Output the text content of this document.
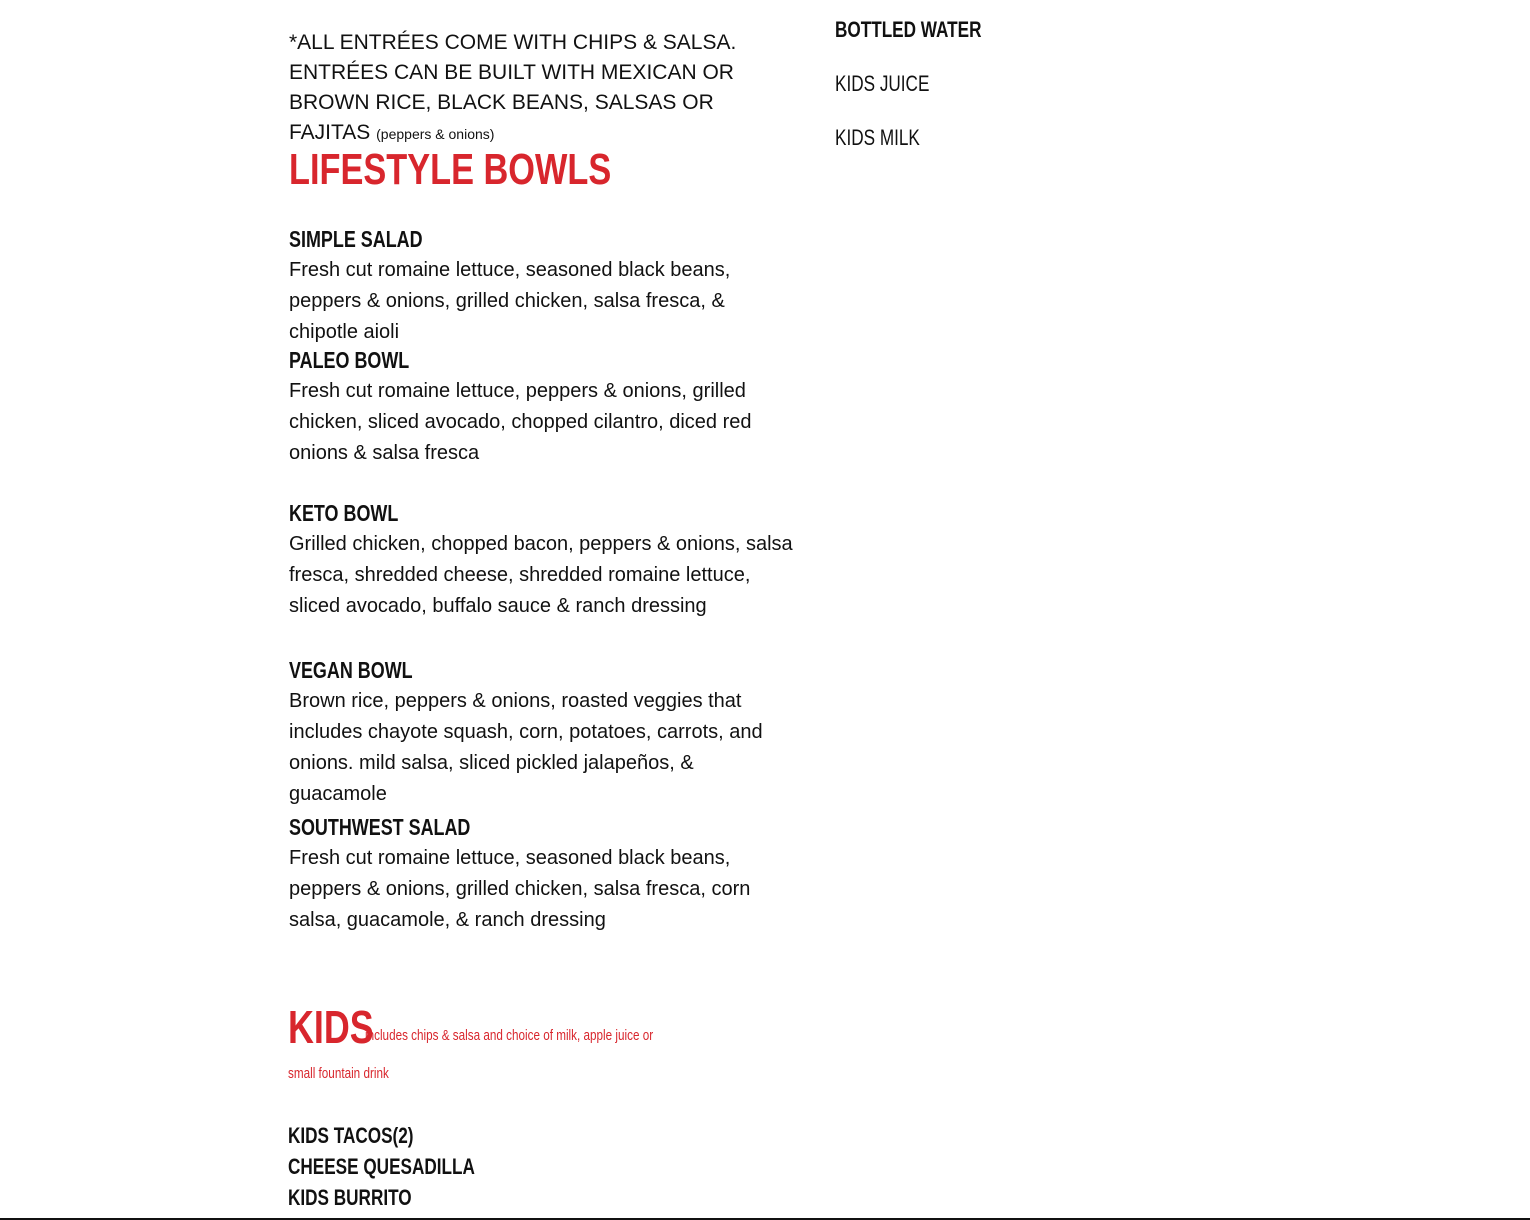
*ALL ENTRÉES COME WITH CHIPS & SALSA. ENTRÉES CAN BE BUILT WITH MEXICAN OR BROWN RICE, BLACK BEANS, SALSAS OR FAJITAS (peppers & onions)
LIFESTYLE BOWLS
SIMPLE SALAD
Fresh cut romaine lettuce, seasoned black beans, peppers & onions, grilled chicken, salsa fresca, & chipotle aioli
PALEO BOWL
Fresh cut romaine lettuce, peppers & onions, grilled chicken, sliced avocado, chopped cilantro, diced red onions & salsa fresca
KETO BOWL
Grilled chicken, chopped bacon, peppers & onions, salsa fresca, shredded cheese, shredded romaine lettuce, sliced avocado, buffalo sauce & ranch dressing
VEGAN BOWL
Brown rice, peppers & onions, roasted veggies that includes chayote squash, corn, potatoes, carrots, and onions. mild salsa, sliced pickled jalapeños, & guacamole
SOUTHWEST SALAD
Fresh cut romaine lettuce, seasoned black beans, peppers & onions, grilled chicken, salsa fresca, corn salsa, guacamole, & ranch dressing
KIDS
includes chips & salsa and choice of milk, apple juice or
small fountain drink
KIDS TACOS(2)
CHEESE QUESADILLA
KIDS BURRITO
BOTTLED WATER
KIDS JUICE
KIDS MILK
